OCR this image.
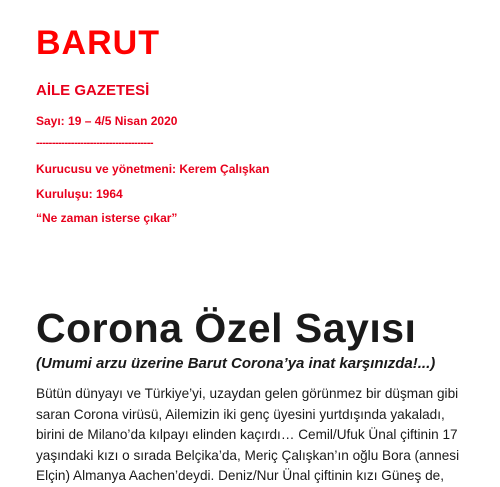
BARUT
AİLE GAZETESİ
Sayı: 19 – 4/5 Nisan 2020
-------------------------------------
Kurucusu ve yönetmeni: Kerem Çalışkan
Kuruluşu: 1964
“Ne zaman isterse çıkar”
Corona Özel Sayısı
(Umumi arzu üzerine Barut Corona’ya inat karşınızda!...)
Bütün dünyayı ve Türkiye’yi, uzaydan gelen görünmez bir düşman gibi
saran Corona virüsü, Ailemizin iki genç üyesini yurtdışında yakaladı,
birini de Milano’da kılpayı elinden kaçırdı… Cemil/Ufuk Ünal çiftinin 17
yaşındaki kızı o sırada Belçika’da, Meriç Çalışkan’ın oğlu Bora (annesi
Elçin) Almanya Aachen’deydi. Deniz/Nur Ünal çiftinin kızı Güneş de,
